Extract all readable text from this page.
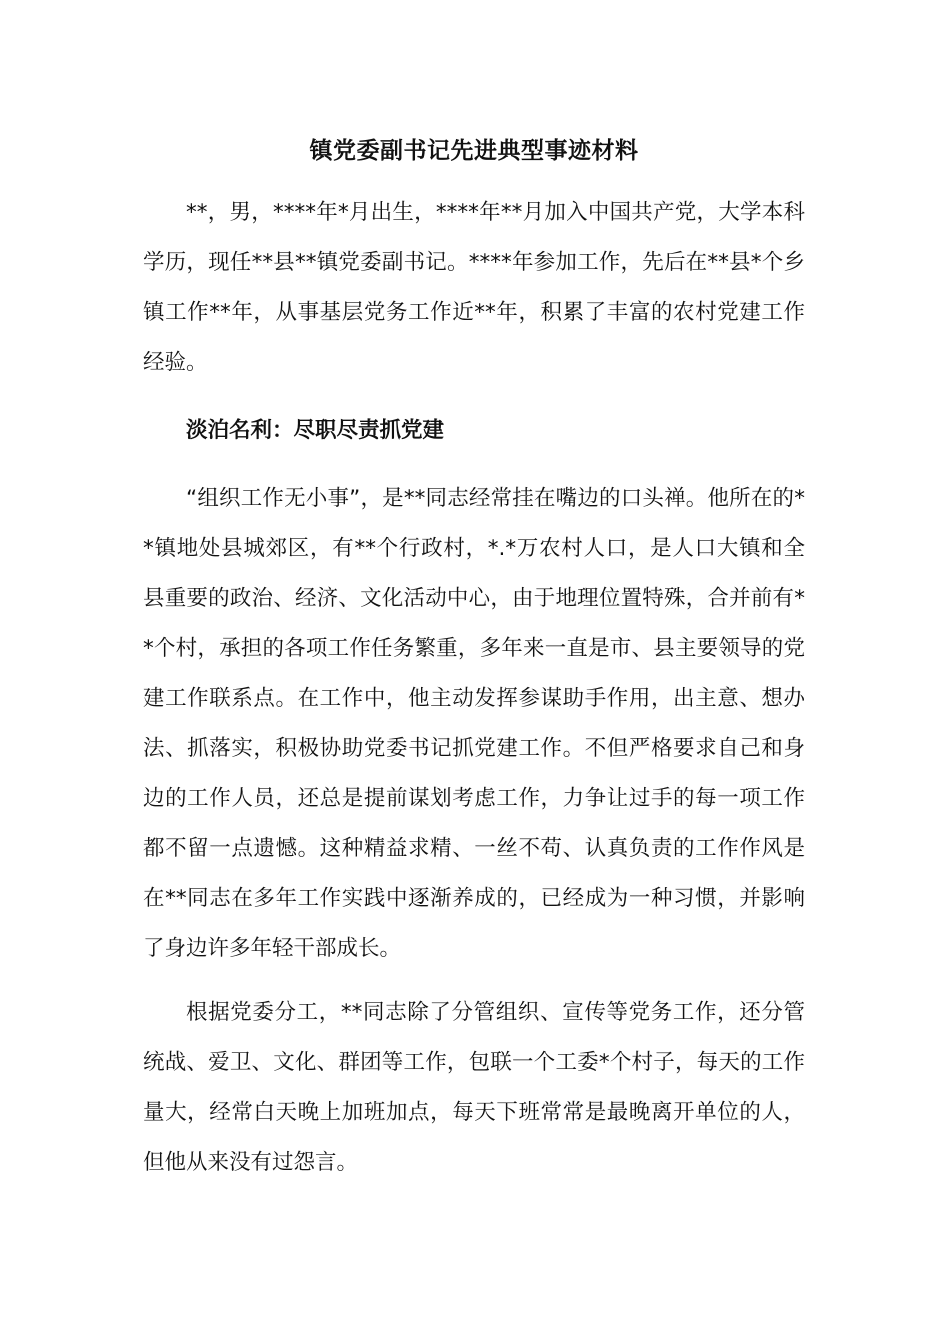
镇党委副书记先进典型事迹材料

**，男，****年*月出生，****年**月加入中国共产党，大学本科学历，现任**县**镇党委副书记。****年参加工作，先后在**县*个乡镇工作**年，从事基层党务工作近**年，积累了丰富的农村党建工作经验。

淡泊名利：尽职尽责抓党建

“组织工作无小事”，是**同志经常挂在嘴边的口头禅。他所在的**镇地处县城郊区，有**个行政村，*.*万农村人口，是人口大镇和全县重要的政治、经济、文化活动中心，由于地理位置特殊，合并前有**个村，承担的各项工作任务繁重，多年来一直是市、县主要领导的党建工作联系点。在工作中，他主动发挥参谋助手作用，出主意、想办法、抓落实，积极协助党委书记抓党建工作。不但严格要求自己和身边的工作人员，还总是提前谋划考虑工作，力争让过手的每一项工作都不留一点遗憾。这种精益求精、一丝不苟、认真负责的工作作风是在**同志在多年工作实践中逐渐养成的，已经成为一种习惯，并影响了身边许多年轻干部成长。

根据党委分工，**同志除了分管组织、宣传等党务工作，还分管统战、爱卫、文化、群团等工作，包联一个工委*个村子，每天的工作量大，经常白天晚上加班加点，每天下班常常是最晚离开单位的人，但他从来没有过怨言。
